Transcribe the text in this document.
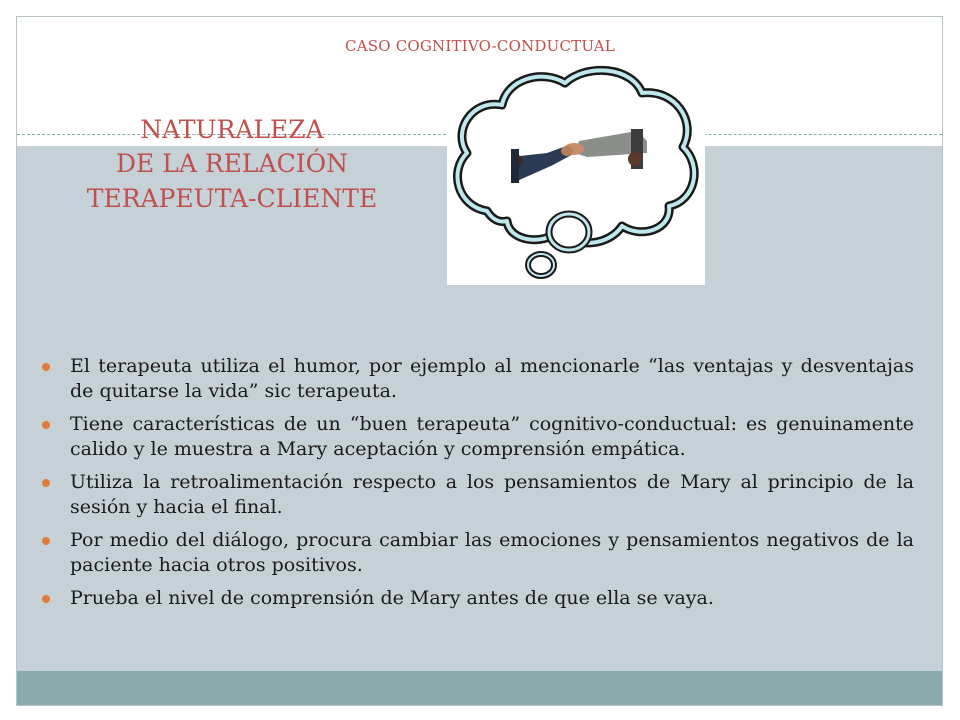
CASO COGNITIVO-CONDUCTUAL
NATURALEZA
DE LA RELACIÓN
TERAPEUTA-CLIENTE
El terapeuta utiliza el humor, por ejemplo al mencionarle “las ventajas y desventajas de quitarse la vida” sic terapeuta.
Tiene características de un “buen terapeuta” cognitivo-conductual: es genuinamente calido y le muestra a Mary aceptación y comprensión empática.
Utiliza la retroalimentación respecto a los pensamientos de Mary al principio de la sesión y hacia el final.
Por medio del diálogo, procura cambiar las emociones y pensamientos negativos de la paciente hacia otros positivos.
Prueba el nivel de comprensión de Mary antes de que ella se vaya.
